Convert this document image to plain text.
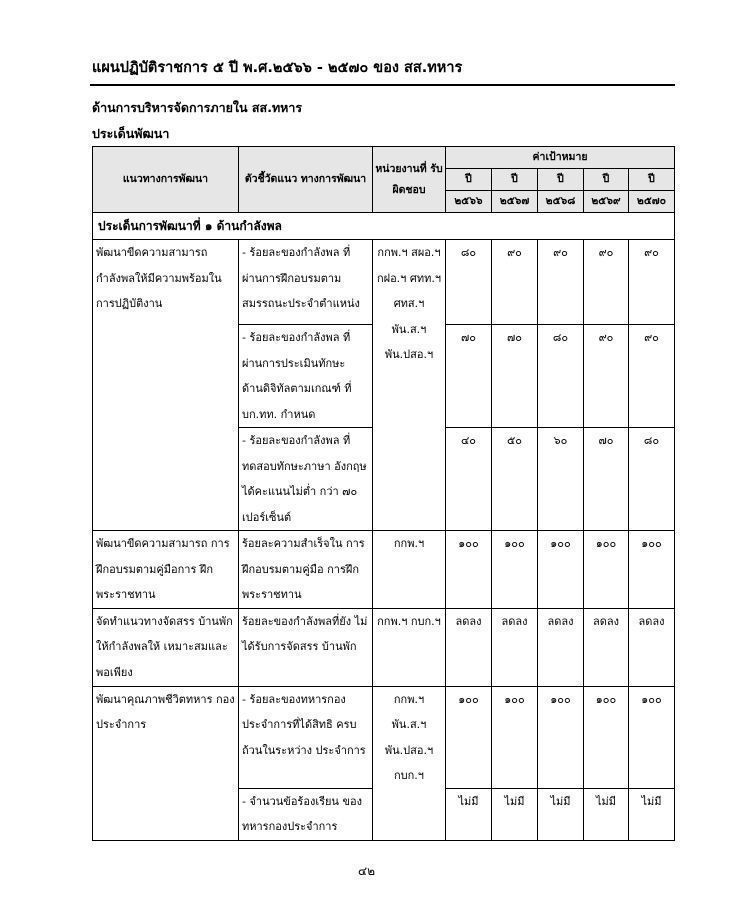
แผนปฏิบัติราชการ ๕ ปี พ.ศ.๒๕๖๖ - ๒๕๗๐ ของ สส.ทหาร
ด้านการบริหารจัดการภายใน สส.ทหาร
ประเด็นพัฒนา
แนวทางการพัฒนา	ตัวชี้วัดแนว ทางการพัฒนา	หน่วยงานที่ รับผิดชอบ	ค่าเป้าหมาย				
			ปี	ปี	ปี	ปี	ปี
			๒๕๖๖	๒๕๖๗	๒๕๖๘	๒๕๖๙	๒๕๗๐
ประเด็นการพัฒนาที่ ๑ ด้านกำลังพล							
พัฒนาขีดความสามารถ กำลังพลให้มีความพร้อมใน การปฏิบัติงาน	- ร้อยละของกำลังพล ที่ผ่านการฝึกอบรมตาม สมรรถนะประจำตำแหน่ง	กกพ.ฯ สผอ.ฯ กฝอ.ฯ ศทท.ฯ ศทส.ฯ พัน.ส.ฯ พัน.ปสอ.ฯ	๘๐	๙๐	๙๐	๙๐	๙๐
	- ร้อยละของกำลังพล ที่ผ่านการประเมินทักษะ ด้านดิจิทัลตามเกณฑ์ ที่ บก.ทท. กำหนด		๗๐	๗๐	๘๐	๙๐	๙๐
	- ร้อยละของกำลังพล ที่ทดสอบทักษะภาษา อังกฤษได้คะแนนไม่ต่ำ กว่า ๗๐ เปอร์เซ็นต์		๔๐	๕๐	๖๐	๗๐	๘๐
พัฒนาขีดความสามารถ การฝึกอบรมตามคู่มือการ ฝึกพระราชทาน	ร้อยละความสำเร็จใน การฝึกอบรมตามคู่มือ การฝึกพระราชทาน	กกพ.ฯ	๑๐๐	๑๐๐	๑๐๐	๑๐๐	๑๐๐
จัดทำแนวทางจัดสรร บ้านพักให้กำลังพลให้ เหมาะสมและพอเพียง	ร้อยละของกำลังพลที่ยัง ไม่ได้รับการจัดสรร บ้านพัก	กกพ.ฯ กบก.ฯ	ลดลง	ลดลง	ลดลง	ลดลง	ลดลง
พัฒนาคุณภาพชีวิตทหาร กองประจำการ	- ร้อยละของทหารกอง ประจำการที่ได้สิทธิ ครบถ้วนในระหว่าง ประจำการ	กกพ.ฯ พัน.ส.ฯ พัน.ปสอ.ฯ กบก.ฯ	๑๐๐	๑๐๐	๑๐๐	๑๐๐	๑๐๐
	- จำนวนข้อร้องเรียน ของทหารกองประจำการ		ไม่มี	ไม่มี	ไม่มี	ไม่มี	ไม่มี
๔๒
